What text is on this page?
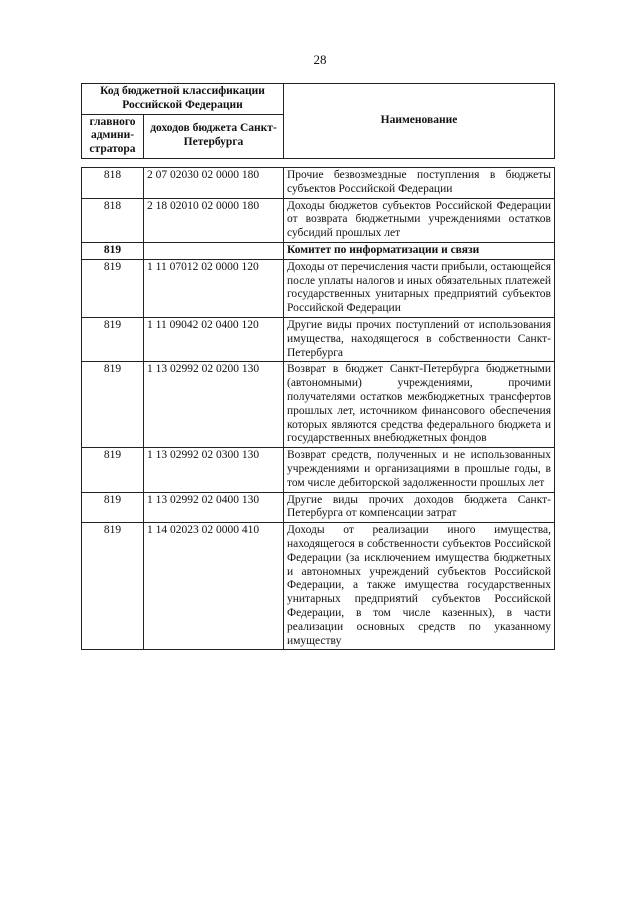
28
Код бюджетной классификации Российской Федерации		Наименование
главного админи-стратора	доходов бюджета Санкт-Петербурга	
818	2 07 02030 02 0000 180	Прочие безвозмездные поступления в бюджеты субъектов Российской Федерации
818	2 18 02010 02 0000 180	Доходы бюджетов субъектов Российской Федерации от возврата бюджетными учреждениями остатков субсидий прошлых лет
819		Комитет по информатизации и связи
819	1 11 07012 02 0000 120	Доходы от перечисления части прибыли, остающейся после уплаты налогов и иных обязательных платежей государственных унитарных предприятий субъектов Российской Федерации
819	1 11 09042 02 0400 120	Другие виды прочих поступлений от использования имущества, находящегося в собственности Санкт-Петербурга
819	1 13 02992 02 0200 130	Возврат в бюджет Санкт-Петербурга бюджетными (автономными) учреждениями, прочими получателями остатков межбюджетных трансфертов прошлых лет, источником финансового обеспечения которых являются средства федерального бюджета и государственных внебюджетных фондов
819	1 13 02992 02 0300 130	Возврат средств, полученных и не использованных учреждениями и организациями в прошлые годы, в том числе дебиторской задолженности прошлых лет
819	1 13 02992 02 0400 130	Другие виды прочих доходов бюджета Санкт-Петербурга от компенсации затрат
819	1 14 02023 02 0000 410	Доходы от реализации иного имущества, находящегося в собственности субъектов Российской Федерации (за исключением имущества бюджетных и автономных учреждений субъектов Российской Федерации, а также имущества государственных унитарных предприятий субъектов Российской Федерации, в том числе казенных), в части реализации основных средств по указанному имуществу
